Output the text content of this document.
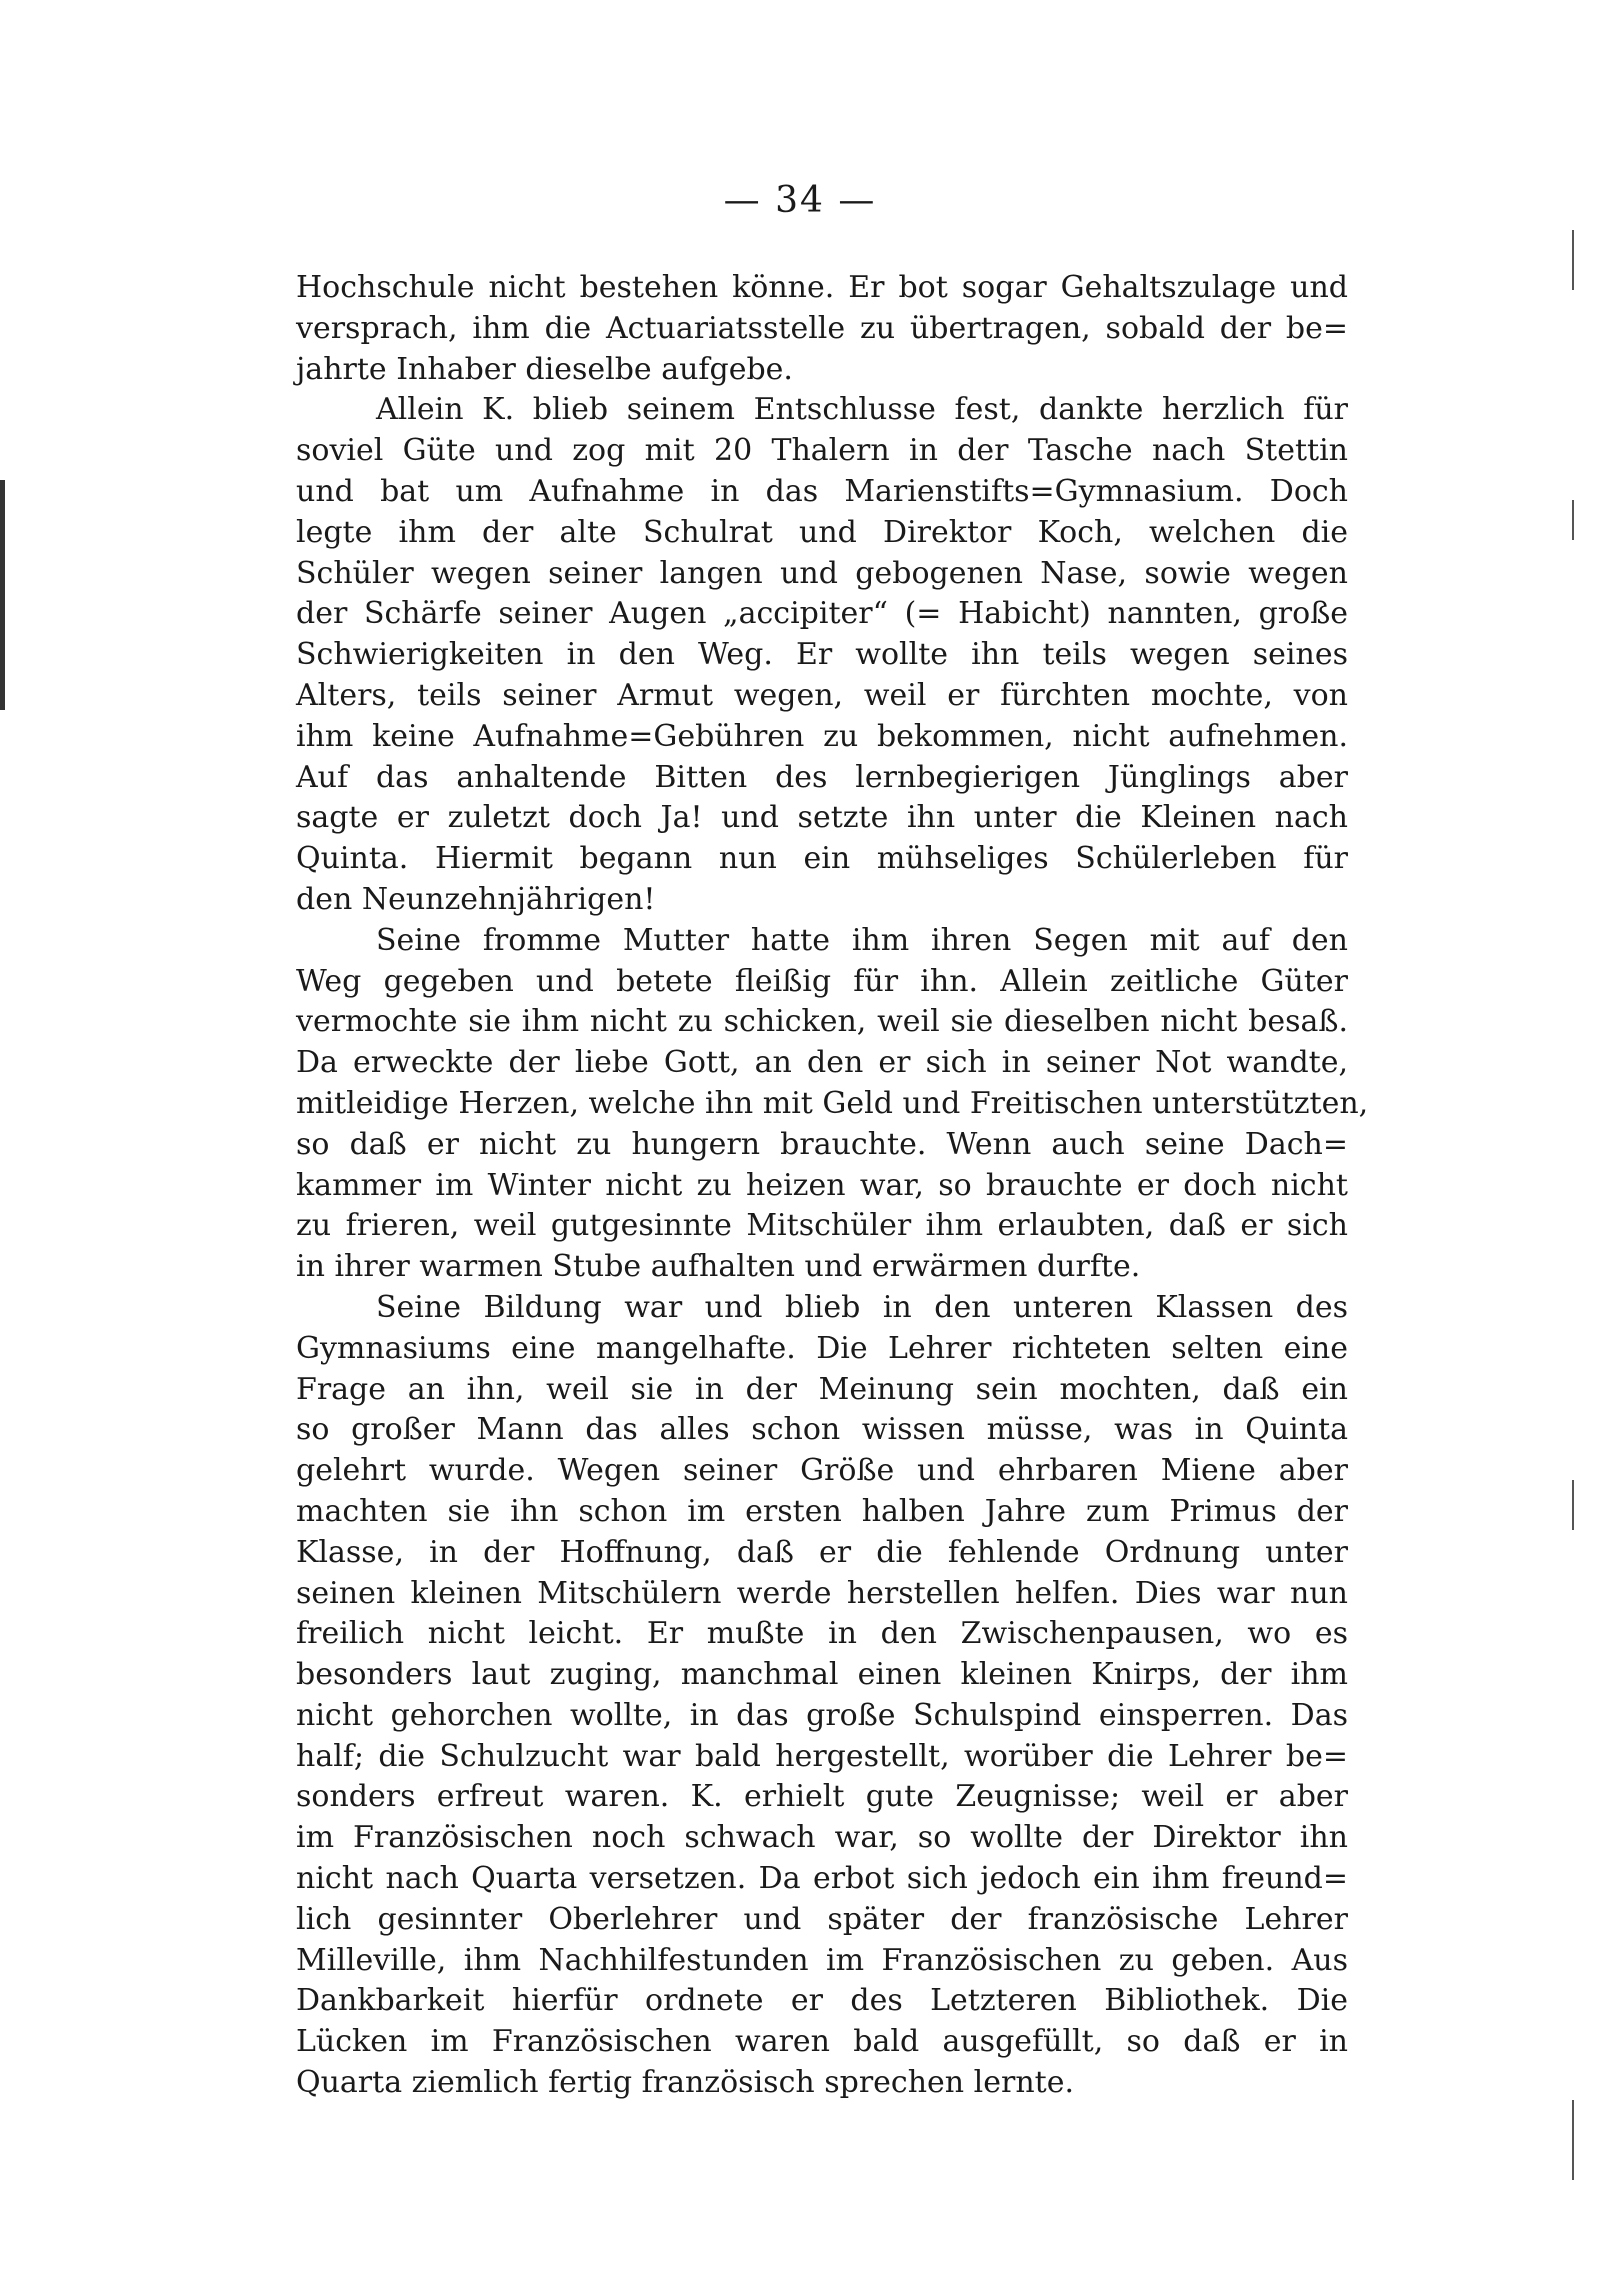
— 34 —
Hochschule nicht bestehen könne. Er bot sogar Gehaltszulage und
versprach, ihm die Actuariatsstelle zu übertragen, sobald der be=
jahrte Inhaber dieselbe aufgebe.
Allein K. blieb seinem Entschlusse fest, dankte herzlich für
soviel Güte und zog mit 20 Thalern in der Tasche nach Stettin
und bat um Aufnahme in das Marienstifts=Gymnasium. Doch
legte ihm der alte Schulrat und Direktor Koch, welchen die
Schüler wegen seiner langen und gebogenen Nase, sowie wegen
der Schärfe seiner Augen „accipiter“ (= Habicht) nannten, große
Schwierigkeiten in den Weg. Er wollte ihn teils wegen seines
Alters, teils seiner Armut wegen, weil er fürchten mochte, von
ihm keine Aufnahme=Gebühren zu bekommen, nicht aufnehmen.
Auf das anhaltende Bitten des lernbegierigen Jünglings aber
sagte er zuletzt doch Ja! und setzte ihn unter die Kleinen nach
Quinta. Hiermit begann nun ein mühseliges Schülerleben für
den Neunzehnjährigen!
Seine fromme Mutter hatte ihm ihren Segen mit auf den
Weg gegeben und betete fleißig für ihn. Allein zeitliche Güter
vermochte sie ihm nicht zu schicken, weil sie dieselben nicht besaß.
Da erweckte der liebe Gott, an den er sich in seiner Not wandte,
mitleidige Herzen, welche ihn mit Geld und Freitischen unterstützten,
so daß er nicht zu hungern brauchte. Wenn auch seine Dach=
kammer im Winter nicht zu heizen war, so brauchte er doch nicht
zu frieren, weil gutgesinnte Mitschüler ihm erlaubten, daß er sich
in ihrer warmen Stube aufhalten und erwärmen durfte.
Seine Bildung war und blieb in den unteren Klassen des
Gymnasiums eine mangelhafte. Die Lehrer richteten selten eine
Frage an ihn, weil sie in der Meinung sein mochten, daß ein
so großer Mann das alles schon wissen müsse, was in Quinta
gelehrt wurde. Wegen seiner Größe und ehrbaren Miene aber
machten sie ihn schon im ersten halben Jahre zum Primus der
Klasse, in der Hoffnung, daß er die fehlende Ordnung unter
seinen kleinen Mitschülern werde herstellen helfen. Dies war nun
freilich nicht leicht. Er mußte in den Zwischenpausen, wo es
besonders laut zuging, manchmal einen kleinen Knirps, der ihm
nicht gehorchen wollte, in das große Schulspind einsperren. Das
half; die Schulzucht war bald hergestellt, worüber die Lehrer be=
sonders erfreut waren. K. erhielt gute Zeugnisse; weil er aber
im Französischen noch schwach war, so wollte der Direktor ihn
nicht nach Quarta versetzen. Da erbot sich jedoch ein ihm freund=
lich gesinnter Oberlehrer und später der französische Lehrer
Milleville, ihm Nachhilfestunden im Französischen zu geben. Aus
Dankbarkeit hierfür ordnete er des Letzteren Bibliothek. Die
Lücken im Französischen waren bald ausgefüllt, so daß er in
Quarta ziemlich fertig französisch sprechen lernte.
